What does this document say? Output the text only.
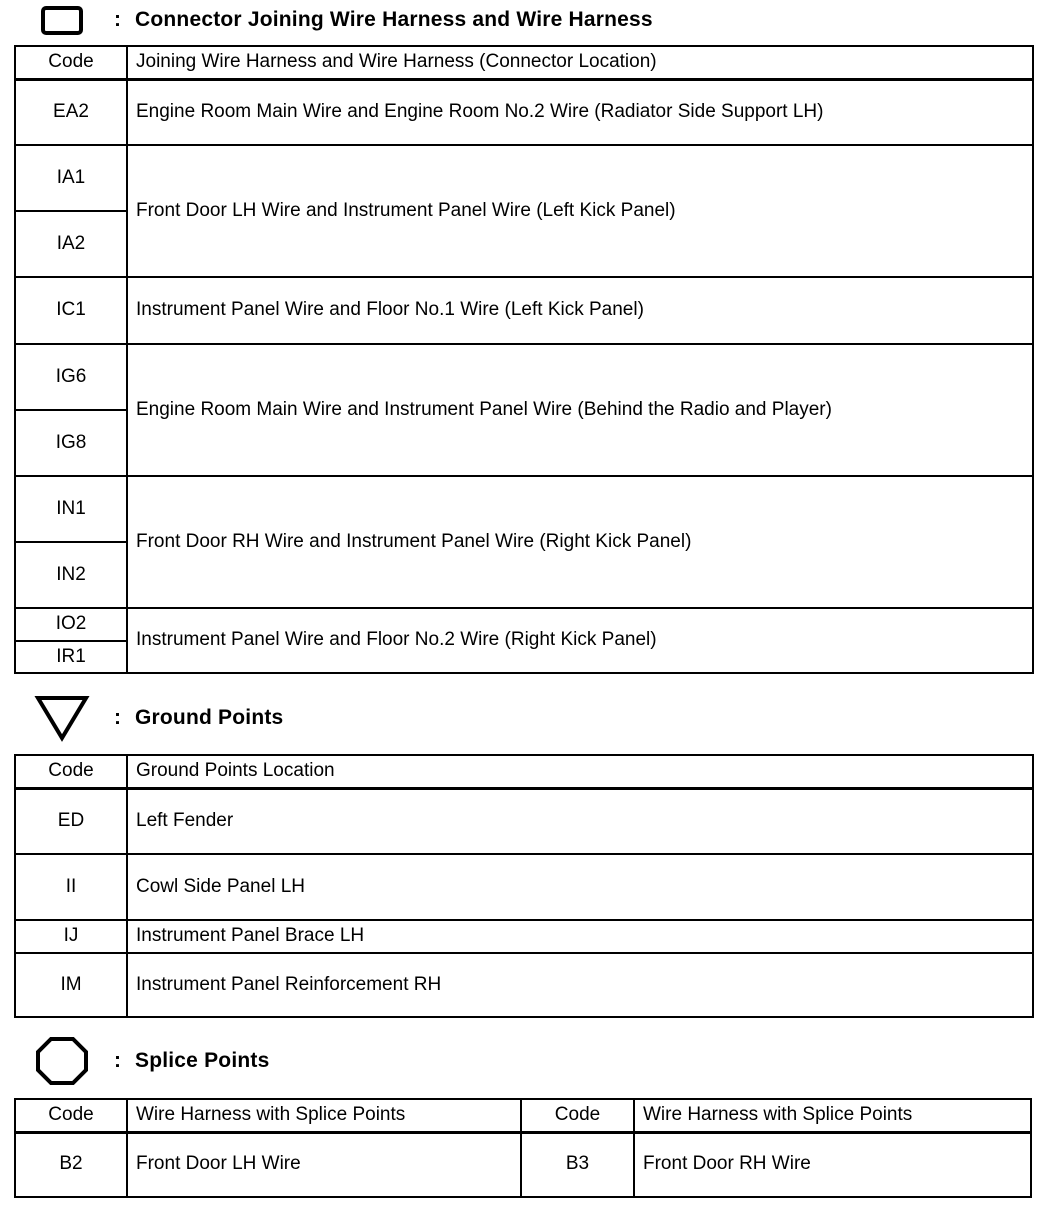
: Connector Joining Wire Harness and Wire Harness
Code	Joining Wire Harness and Wire Harness (Connector Location)
EA2	Engine Room Main Wire and Engine Room No.2 Wire (Radiator Side Support LH)
IA1	Front Door LH Wire and Instrument Panel Wire (Left Kick Panel)
IA2	
IC1	Instrument Panel Wire and Floor No.1 Wire (Left Kick Panel)
IG6	Engine Room Main Wire and Instrument Panel Wire (Behind the Radio and Player)
IG8	
IN1	Front Door RH Wire and Instrument Panel Wire (Right Kick Panel)
IN2	
IO2	Instrument Panel Wire and Floor No.2 Wire (Right Kick Panel)
IR1	
: Ground Points
Code	Ground Points Location
ED	Left Fender
II	Cowl Side Panel LH
IJ	Instrument Panel Brace LH
IM	Instrument Panel Reinforcement RH
: Splice Points
Code	Wire Harness with Splice Points	Code	Wire Harness with Splice Points
B2	Front Door LH Wire	B3	Front Door RH Wire
